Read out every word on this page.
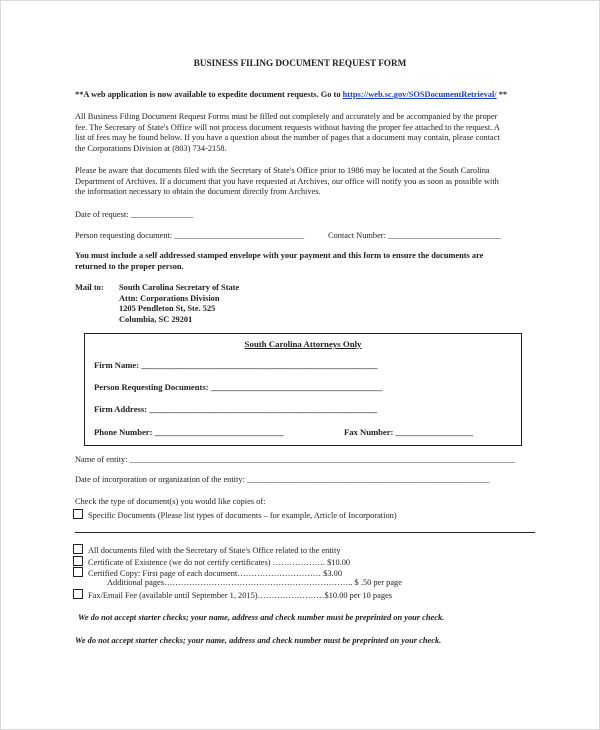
BUSINESS FILING DOCUMENT REQUEST FORM
**A web application is now available to expedite document requests. Go to https://web.sc.gov/SOSDocumentRetrieval/ **
All Business Filing Document Request Forms must be filled out completely and accurately and be accompanied by the proper
fee. The Secretary of State's Office will not process document requests without having the proper fee attached to the request. A
list of fees may be found below. If you have a question about the number of pages that a document may contain, please contact
the Corporations Division at (803) 734-2158.
Please be aware that documents filed with the Secretary of State's Office prior to 1986 may be located at the South Carolina
Department of Archives. If a document that you have requested at Archives, our office will notify you as soon as possible with
the information necessary to obtain the document directly from Archives.
Date of request: _______________
Person requesting document: _______________________________	Contact Number: ___________________________
You must include a self addressed stamped envelope with your payment and this form to ensure the documents are
returned to the proper person.
Mail to: South Carolina Secretary of State
Attn: Corporations Division
1205 Pendleton St, Ste. 525
Columbia, SC 29201
South Carolina Attorneys Only
Firm Name: _______________________________________________________
Person Requesting Documents: ________________________________________
Firm Address: _____________________________________________________
Phone Number: ______________________________	Fax Number: __________________
Name of entity: ____________________________________________________________________________________________
Date of incorporation or organization of the entity: __________________________________________________________
Check the type of document(s) you would like copies of:
Specific Documents (Please list types of documents – for example, Article of Incorporation)
All documents filed with the Secretary of State's Office related to the entity
Certificate of Existence (we do not certify certificates) ………………. $10.00
Certified Copy: First page of each document………………………… $3.00
Additional pages………………………………………………………….. $ .50 per page
Fax/Email Fee (available until September 1, 2015)……………………$10.00 per 10 pages
We do not accept starter checks; your name, address and check number must be preprinted on your check.
We do not accept starter checks; your name, address and check number must be preprinted on your check.
